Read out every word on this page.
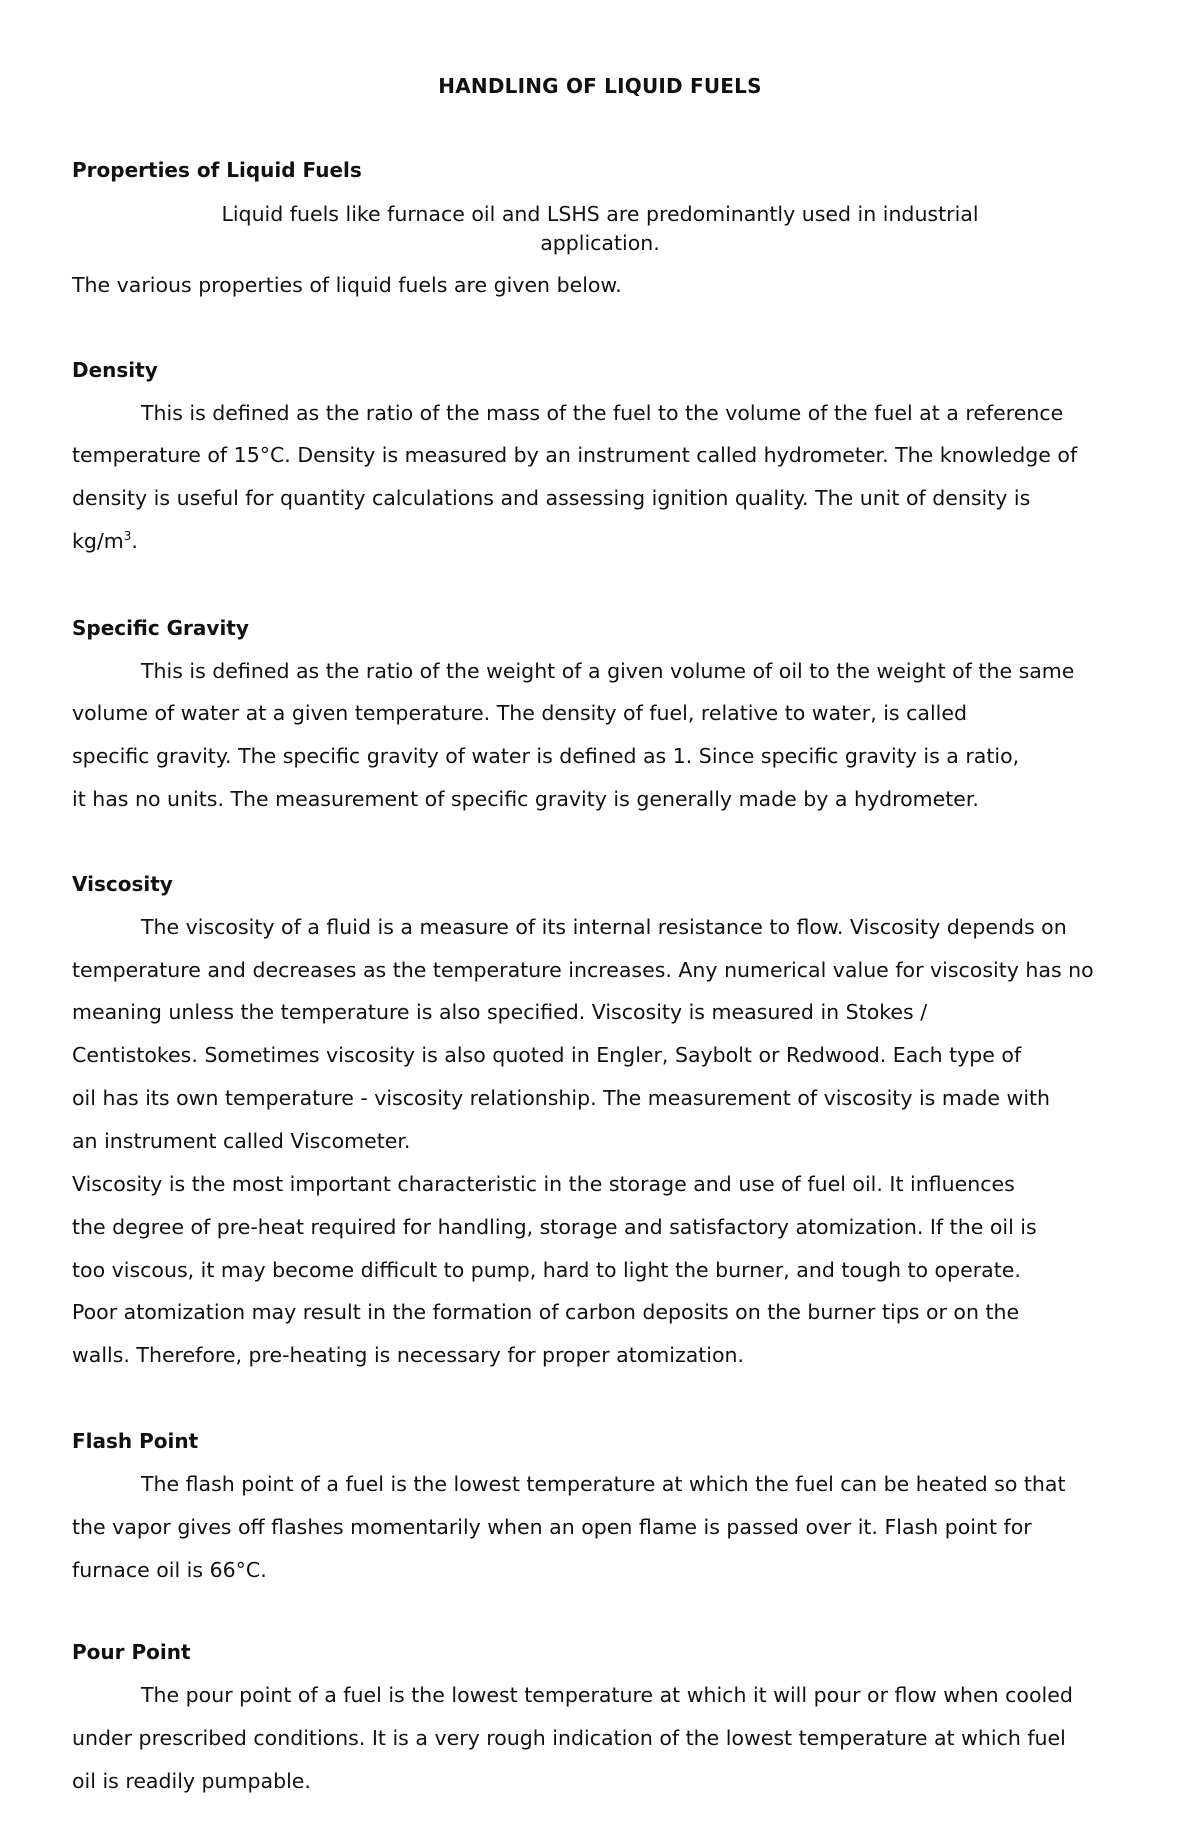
HANDLING OF LIQUID FUELS
Properties of Liquid Fuels
Liquid fuels like furnace oil and LSHS are predominantly used in industrial
application.
The various properties of liquid fuels are given below.
Density
This is defined as the ratio of the mass of the fuel to the volume of the fuel at a reference
temperature of 15°C. Density is measured by an instrument called hydrometer. The knowledge of
density is useful for quantity calculations and assessing ignition quality. The unit of density is
$kg/m^3$.
Specific Gravity
This is defined as the ratio of the weight of a given volume of oil to the weight of the same
volume of water at a given temperature. The density of fuel, relative to water, is called
specific gravity. The specific gravity of water is defined as 1. Since specific gravity is a ratio,
it has no units. The measurement of specific gravity is generally made by a hydrometer.
Viscosity
The viscosity of a fluid is a measure of its internal resistance to flow. Viscosity depends on
temperature and decreases as the temperature increases. Any numerical value for viscosity has no
meaning unless the temperature is also specified. Viscosity is measured in Stokes /
Centistokes. Sometimes viscosity is also quoted in Engler, Saybolt or Redwood. Each type of
oil has its own temperature - viscosity relationship. The measurement of viscosity is made with
an instrument called Viscometer.
Viscosity is the most important characteristic in the storage and use of fuel oil. It influences
the degree of pre-heat required for handling, storage and satisfactory atomization. If the oil is
too viscous, it may become difficult to pump, hard to light the burner, and tough to operate.
Poor atomization may result in the formation of carbon deposits on the burner tips or on the
walls. Therefore, pre-heating is necessary for proper atomization.
Flash Point
The flash point of a fuel is the lowest temperature at which the fuel can be heated so that
the vapor gives off flashes momentarily when an open flame is passed over it. Flash point for
furnace oil is 66°C.
Pour Point
The pour point of a fuel is the lowest temperature at which it will pour or flow when cooled
under prescribed conditions. It is a very rough indication of the lowest temperature at which fuel
oil is readily pumpable.
